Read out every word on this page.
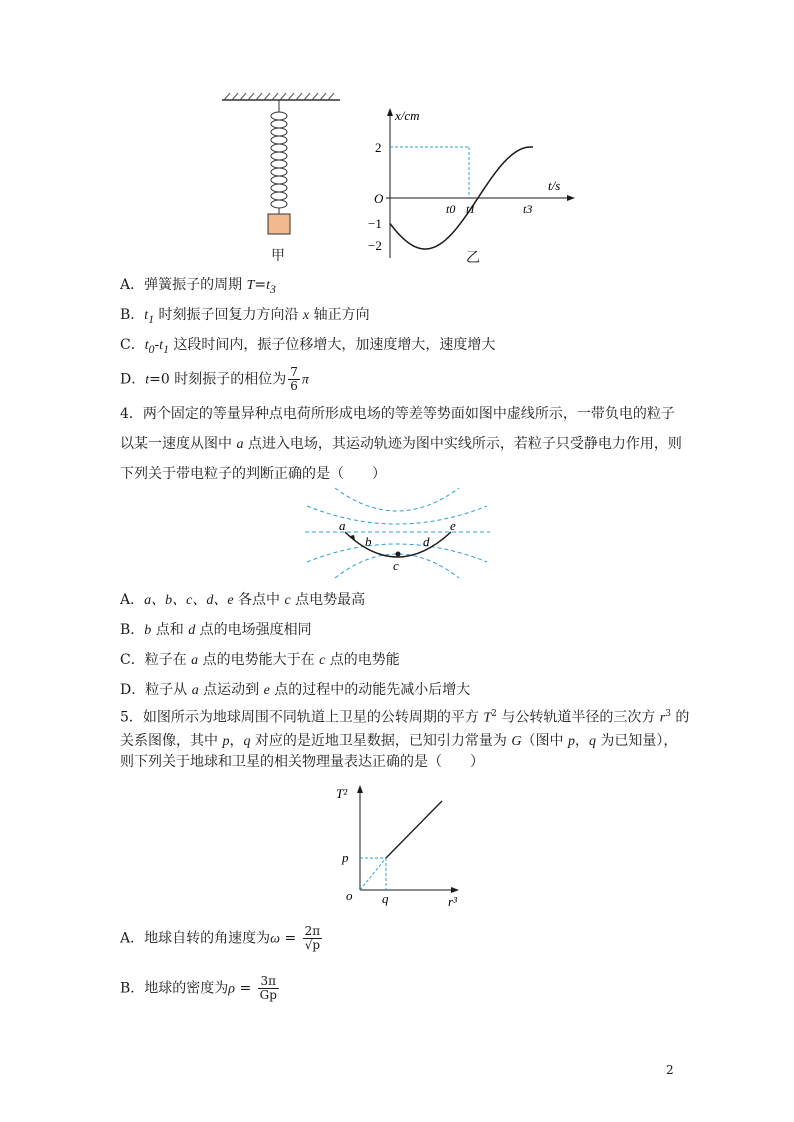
甲
x/cm
t/s
O
2
−1
−2
t0 t1	t3
乙
A．弹簧振子的周期 $T=t_3$
B．$t_1$ 时刻振子回复力方向沿 x 轴正方向
C．$t_0-t_1$ 这段时间内，振子位移增大，加速度增大，速度增大
D．t=0 时刻振子的相位为 $\frac{7}{6}$ π
4．两个固定的等量异种点电荷所形成电场的等差等势面如图中虚线所示，一带负电的粒子
以某一速度从图中 a 点进入电场，其运动轨迹为图中实线所示，若粒子只受静电力作用，则
下列关于带电粒子的判断正确的是（　　）
a
b
c
d
e
A．a、b、c、d、e 各点中 c 点电势最高
B．b 点和 d 点的电场强度相同
C．粒子在 a 点的电势能大于在 c 点的电势能
D．粒子从 a 点运动到 e 点的过程中的动能先减小后增大
5．如图所示为地球周围不同轨道上卫星的公转周期的平方 $T^2$ 与公转轨道半径的三次方 $r^3$ 的
关系图像，其中 p，q 对应的是近地卫星数据，已知引力常量为 G（图中 p，q 为已知量），
则下列关于地球和卫星的相关物理量表达正确的是（　　）
T²
r³
o
p
q
A．地球自转的角速度为$\omega = \frac{2\pi}{√p}$
B．地球的密度为$\rho = \frac{3\pi}{Gp}$
2
